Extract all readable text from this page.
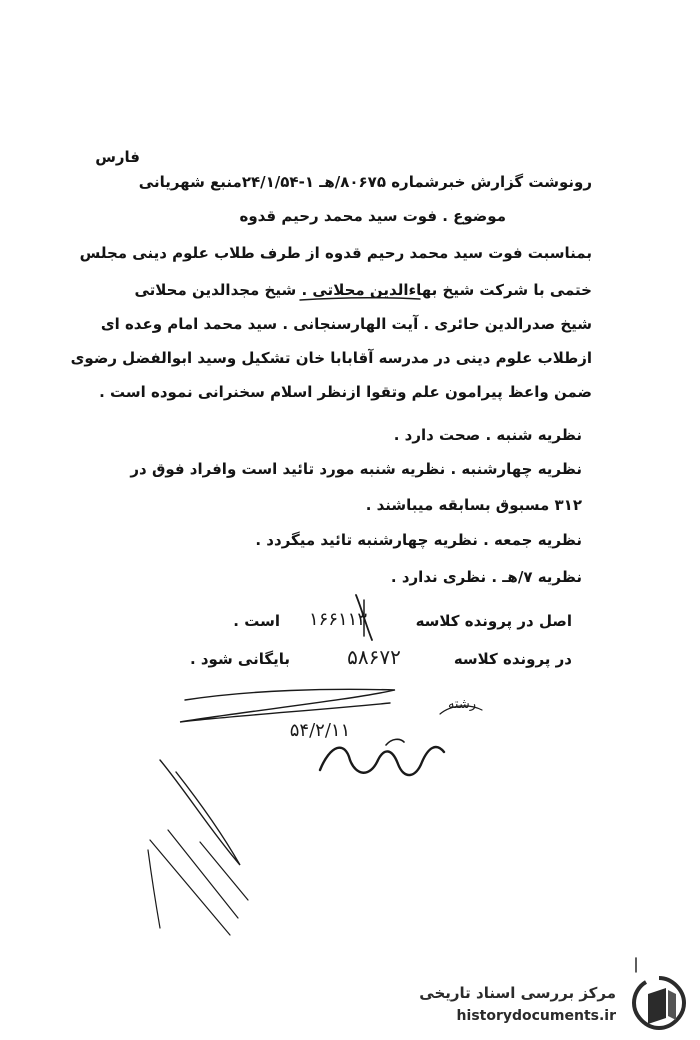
فارس
رونوشت گزارش خبرشماره ۸۰۶۷۵/هـ ۱-۲۴/۱/۵۴منبع شهریانی
موضوع . فوت سید محمد رحیم قدوه
بمناسبت فوت سید محمد رحیم قدوه از طرف طلاب علوم دینی مجلس
ختمی با شرکت شیخ بهاءالدین محلاتی . شیخ مجدالدین محلاتی
شیخ صدرالدین حائری . آیت الهارسنجانی . سید محمد امام وعده ای
ازطلاب علوم دینی در مدرسه آقابابا خان تشکیل وسید ابوالفضل رضوی
ضمن واعظ پیرامون علم وتقوا ازنظر اسلام سخنرانی نموده است .
نظریه شنبه . صحت دارد .
نظریه چهارشنبه . نظریه شنبه مورد تائید است وافراد فوق در
۳۱۲ مسبوق بسابقه میباشند .
نظریه جمعه . نظریه چهارشنبه تائید میگردد .
نظریه ۷/هـ . نظری ندارد .
اصل در پرونده کلاسه
است .
در پرونده کلاسه
بایگانی شود .
۱۶۶۱۱۳
۵۸۶۷۲
۵۴/۲/۱۱
رشته
مرکز بررسی اسناد تاریخی
historydocuments.ir
